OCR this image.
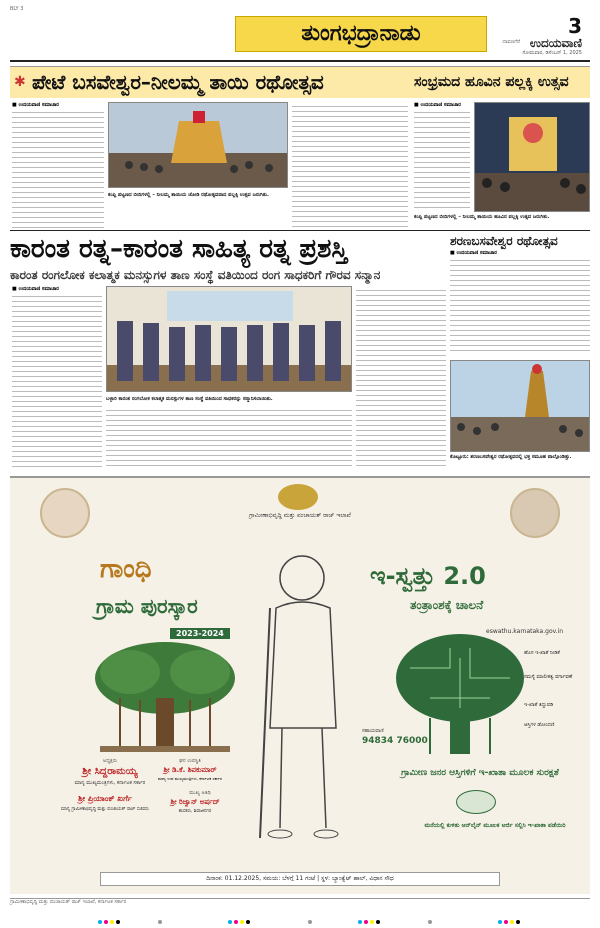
BLY 3
ತುಂಗಭದ್ರಾನಾಡು	3
ದಾವಣಗೆರೆ ಉದಯವಾಣಿ
ಸೋಮವಾರ, ಡಿಸೆಂಬರ್ 1, 2025
✱ ಪೇಟೆ ಬಸವೇಶ್ವರ–ನೀಲಮ್ಮ ತಾಯಿ ರಥೋತ್ಸವ
■ ಉದಯವಾಣಿ ಸಮಾಚಾರ
ಕಂಪ್ಲಿ ಪಟ್ಟಣದ ಬೀದಿಗಳಲ್ಲಿ – ನೀಲಮ್ಮ ತಾಯಿಯ ಜೋಡಿ ರಥೋತ್ಸವವಾದ ಪಲ್ಲಕ್ಕಿ ಉತ್ಸವ ಜರುಗಿತು.
ಸಂಭ್ರಮದ ಹೂವಿನ ಪಲ್ಲಕ್ಕಿ ಉತ್ಸವ
■ ಉದಯವಾಣಿ ಸಮಾಚಾರ
ಕಂಪ್ಲಿ ಪಟ್ಟಣದ ಬೀದಿಗಳಲ್ಲಿ – ನೀಲಮ್ಮ ತಾಯಿಯ ಹೂವಿನ ಪಲ್ಲಕ್ಕಿ ಉತ್ಸವ ಜರುಗಿತು.
ಕಾರಂತ ರತ್ನ–ಕಾರಂತ ಸಾಹಿತ್ಯ ರತ್ನ ಪ್ರಶಸ್ತಿ
ಕಾರಂತ ರಂಗಲೋಕ ಕಲಾತ್ಮಕ ಮನಸ್ಸುಗಳ ತಾಣ ಸಂಸ್ಥೆ ವತಿಯಿಂದ ರಂಗ ಸಾಧಕರಿಗೆ ಗೌರವ ಸನ್ಮಾನ
■ ಉದಯವಾಣಿ ಸಮಾಚಾರ
ಬಳ್ಳಾರಿ ಕಾರಂತ ರಂಗಲೋಕ ಕಲಾತ್ಮಕ ಮನಸ್ಸುಗಳ ತಾಣ ಸಂಸ್ಥೆ ವತಿಯಿಂದ ಸಾಧಕರನ್ನು ಸನ್ಮಾನಿಸಲಾಯಿತು.
ಶರಣಬಸವೇಶ್ವರ ರಥೋತ್ಸವ
■ ಉದಯವಾಣಿ ಸಮಾಚಾರ
ಕೊಟ್ಟೂರು: ಶರಣಬಸವೇಶ್ವರ ರಥೋತ್ಸವದಲ್ಲಿ ಭಕ್ತ ಸಮೂಹ ಪಾಲ್ಗೊಂಡಿತ್ತು.
ಗ್ರಾಮೀಣಾಭಿವೃದ್ಧಿ ಮತ್ತು ಪಂಚಾಯತ್ ರಾಜ್ ಇಲಾಖೆ
ಗಾಂಧಿ
ಗ್ರಾಮ ಪುರಸ್ಕಾರ
2023-2024
ಅಧ್ಯಕ್ಷರು
ಶ್ರೀ ಸಿದ್ದರಾಮಯ್ಯ
ಮಾನ್ಯ ಮುಖ್ಯಮಂತ್ರಿಗಳು, ಕರ್ನಾಟಕ ಸರ್ಕಾರ
ಘನ ಉಪಸ್ಥಿತಿ
ಶ್ರೀ ಡಿ.ಕೆ. ಶಿವಕುಮಾರ್
ಮಾನ್ಯ ಉಪ ಮುಖ್ಯಮಂತ್ರಿಗಳು, ಕರ್ನಾಟಕ ಸರ್ಕಾರ
ಶ್ರೀ ಪ್ರಿಯಾಂಕ್ ಖರ್ಗೆ
ಮಾನ್ಯ ಗ್ರಾಮೀಣಾಭಿವೃದ್ಧಿ ಮತ್ತು ಪಂಚಾಯತ್ ರಾಜ್ ಸಚಿವರು
ಮುಖ್ಯ ಅತಿಥಿ
ಶ್ರೀ ರಿಜ್ವಾನ್ ಅರ್ಷದ್
ಶಾಸಕರು, ಶಿವಾಜಿನಗರ
ಇ-ಸ್ವತ್ತು 2.0
ತಂತ್ರಾಂಶಕ್ಕೆ ಚಾಲನೆ
eswathu.karnataka.gov.in
ಹೊಸ ಇ-ಖಾತೆ ನೀಡಿಕೆ
ಸಮಸ್ಯೆ ಮಾಲೀಕತ್ವ ವರ್ಗಾವಣೆ
ಇ-ಖಾತೆ ತಿದ್ದುಪಡಿ
ಆಸ್ತಿಗಳ ಡೋಂದಣಿ
ಸಹಾಯವಾಣಿ
94834 76000
ಗ್ರಾಮೀಣ ಜನರ ಆಸ್ತಿಗಳಿಗೆ ಇ-ಖಾತಾ ಮೂಲಕ ಸುರಕ್ಷತೆ
ಮನೆಯಲ್ಲಿ ಕುಳಿತು ಆನ್‌ಲೈನ್ ಮೂಲಕ ಅರ್ಜಿ ಸಲ್ಲಿಸಿ ಇ-ಖಾತಾ ಪಡೆಯಿರಿ
ದಿನಾಂಕ: 01.12.2025, ಸಮಯ: ಬೆಳಗ್ಗೆ 11 ಗಂಟೆ | ಸ್ಥಳ: ಬ್ಯಾಂಕ್ವೆಟ್ ಹಾಲ್, ವಿಧಾನ ಸೌಧ
ಗ್ರಾಮೀಣಾಭಿವೃದ್ಧಿ ಮತ್ತು ಪಂಚಾಯತ್ ರಾಜ್ ಇಲಾಖೆ, ಕರ್ನಾಟಕ ಸರ್ಕಾರ
